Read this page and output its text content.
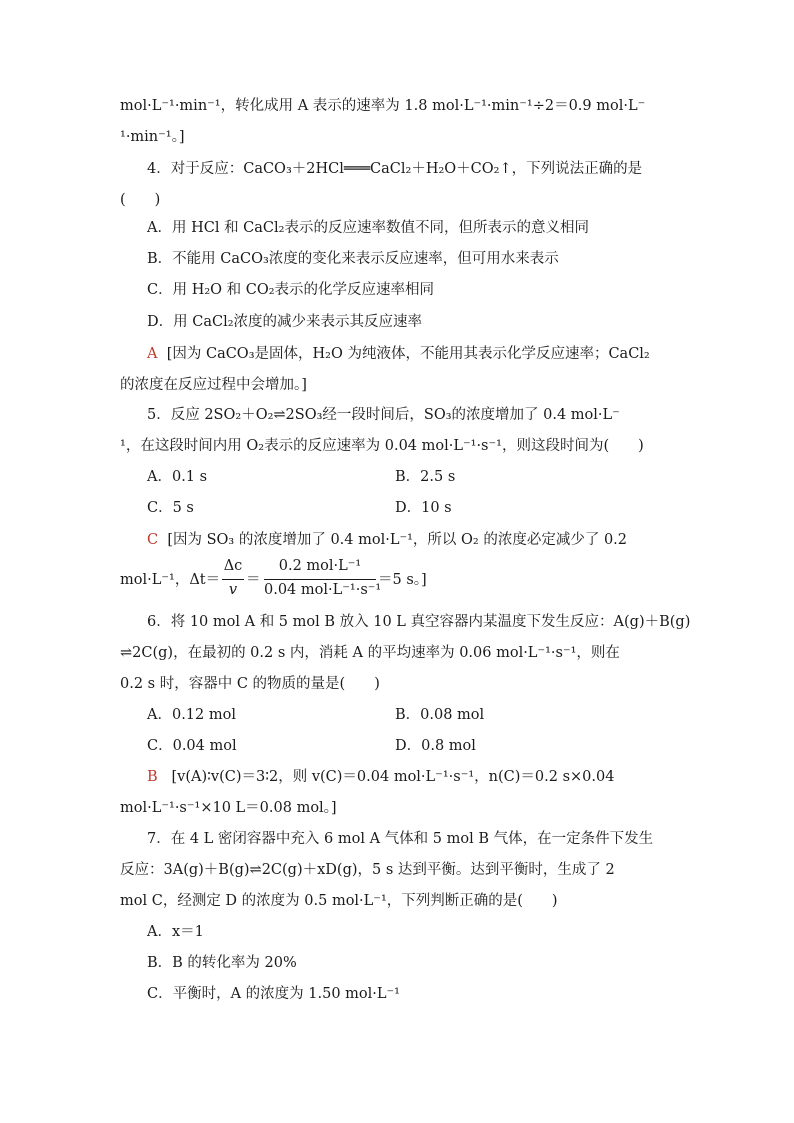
mol·L⁻¹·min⁻¹，转化成用 A 表示的速率为 1.8 mol·L⁻¹·min⁻¹÷2＝0.9 mol·L⁻
¹·min⁻¹。]
4．对于反应：CaCO₃＋2HCl═══CaCl₂＋H₂O＋CO₂↑，下列说法正确的是
(　　)
A．用 HCl 和 CaCl₂表示的反应速率数值不同，但所表示的意义相同
B．不能用 CaCO₃浓度的变化来表示反应速率，但可用水来表示
C．用 H₂O 和 CO₂表示的化学反应速率相同
D．用 CaCl₂浓度的减少来表示其反应速率
A [因为 CaCO₃是固体，H₂O 为纯液体，不能用其表示化学反应速率；CaCl₂
的浓度在反应过程中会增加。]
5．反应 2SO₂＋O₂⇌2SO₃经一段时间后，SO₃的浓度增加了 0.4 mol·L⁻
¹，在这段时间内用 O₂表示的反应速率为 0.04 mol·L⁻¹·s⁻¹，则这段时间为(　　)
A．0.1 s	B．2.5 s
C．5 s	D．10 s
C [因为 SO₃ 的浓度增加了 0.4 mol·L⁻¹，所以 O₂ 的浓度必定减少了 0.2
mol·L⁻¹，Δt＝
Δc
v
＝
0.2 mol·L⁻¹
0.04 mol·L⁻¹·s⁻¹
＝5 s。]
6．将 10 mol A 和 5 mol B 放入 10 L 真空容器内某温度下发生反应：A(g)＋B(g)
⇌2C(g)，在最初的 0.2 s 内，消耗 A 的平均速率为 0.06 mol·L⁻¹·s⁻¹，则在
0.2 s 时，容器中 C 的物质的量是(　　)
A．0.12 mol	B．0.08 mol
C．0.04 mol	D．0.8 mol
B [v(A)∶v(C)＝3∶2，则 v(C)＝0.04 mol·L⁻¹·s⁻¹，n(C)＝0.2 s×0.04
mol·L⁻¹·s⁻¹×10 L＝0.08 mol。]
7．在 4 L 密闭容器中充入 6 mol A 气体和 5 mol B 气体，在一定条件下发生
反应：3A(g)＋B(g)⇌2C(g)＋xD(g)，5 s 达到平衡。达到平衡时，生成了 2
mol C，经测定 D 的浓度为 0.5 mol·L⁻¹，下列判断正确的是(　　)
A．x＝1
B．B 的转化率为 20%
C．平衡时，A 的浓度为 1.50 mol·L⁻¹
